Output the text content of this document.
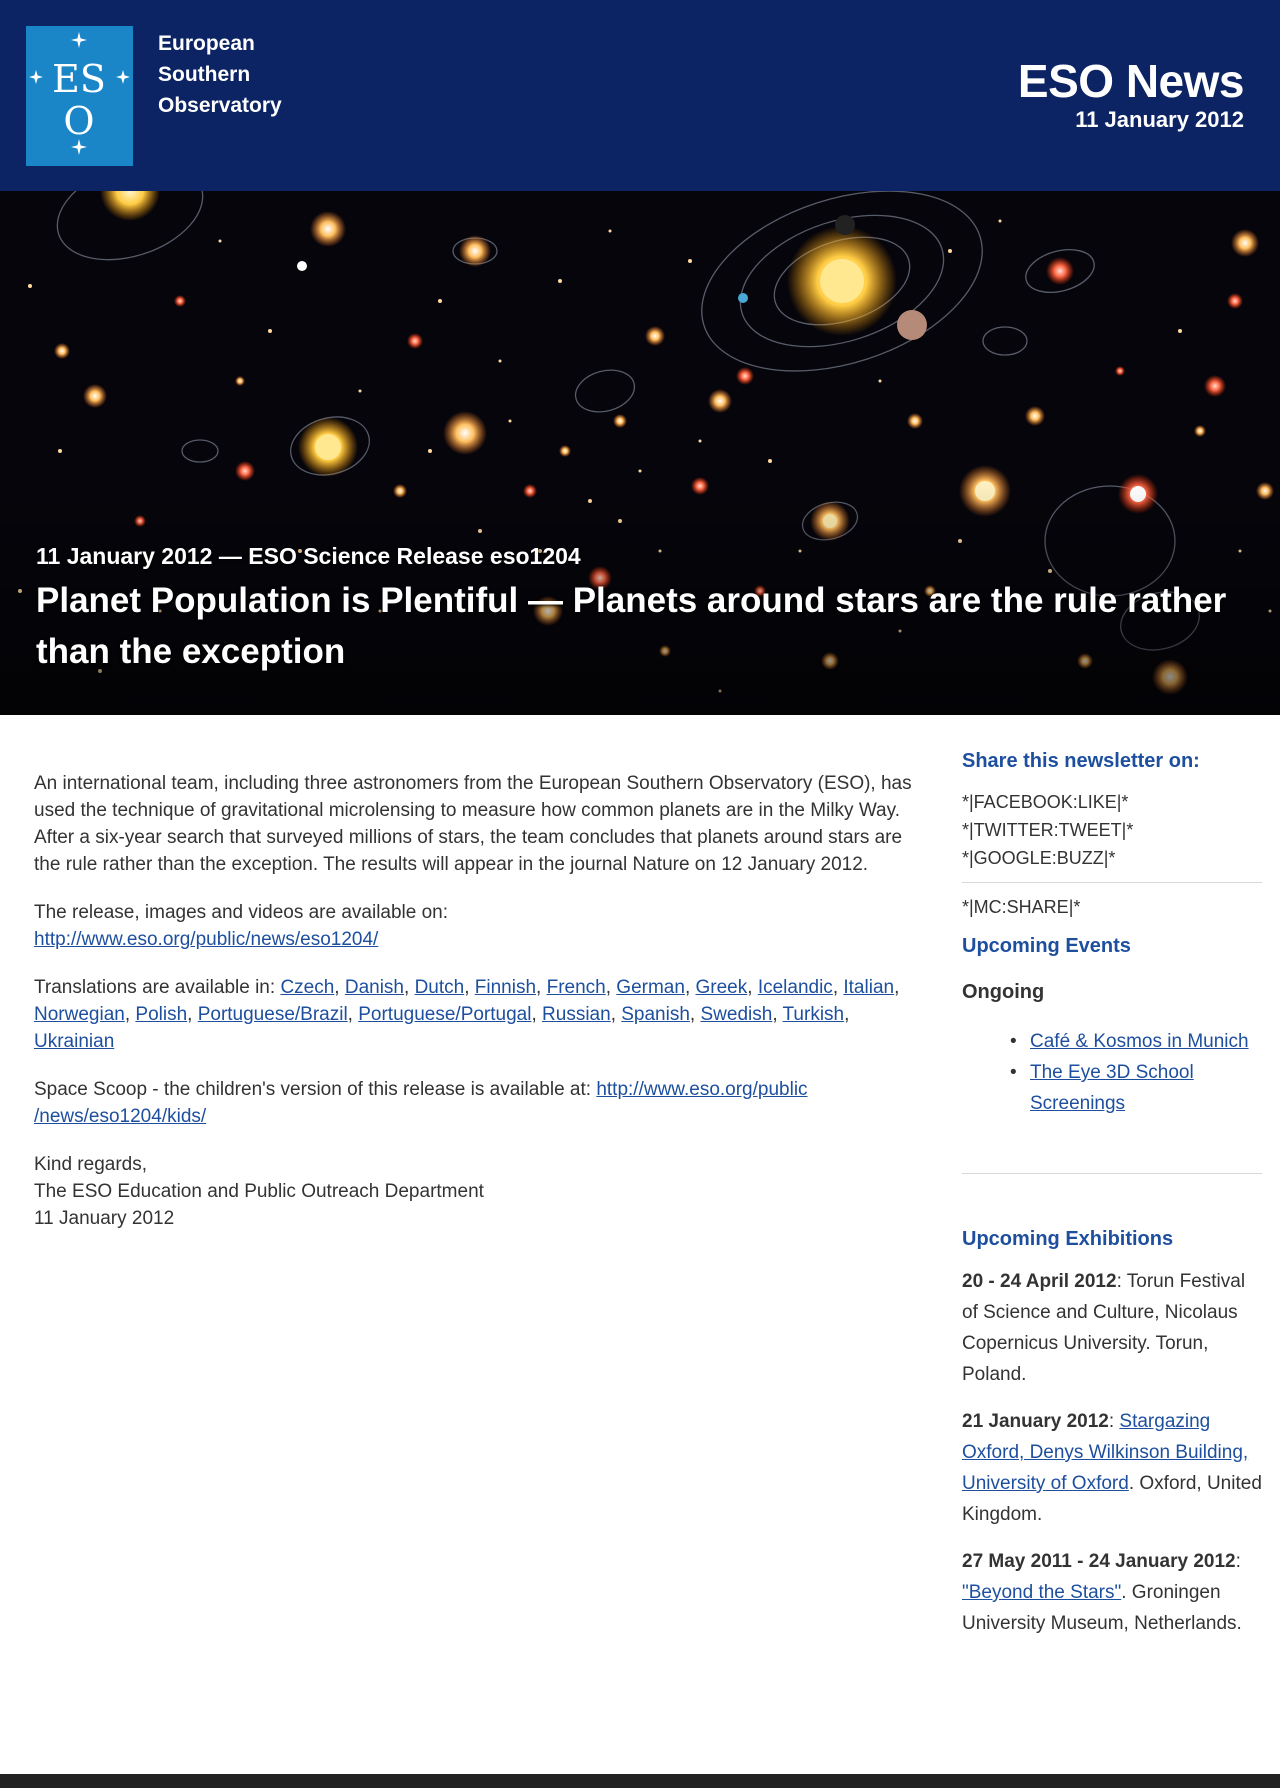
ES
O
European
Southern
Observatory	ESO News
11 January 2012
11 January 2012 — ESO Science Release eso1204
Planet Population is Plentiful — Planets around stars are the rule rather than the exception

An international team, including three astronomers from the European Southern Observatory (ESO), has used the technique of gravitational microlensing to measure how common planets are in the Milky Way. After a six-year search that surveyed millions of stars, the team concludes that planets around stars are the rule rather than the exception. The results will appear in the journal Nature on 12 January 2012.

The release, images and videos are available on:
http://www.eso.org/public/news/eso1204/

Translations are available in: Czech, Danish, Dutch, Finnish, French, German, Greek, Icelandic, Italian, Norwegian, Polish, Portuguese/Brazil, Portuguese/Portugal, Russian, Spanish, Swedish, Turkish, Ukrainian

Space Scoop - the children's version of this release is available at: http://www.eso.org/public
/news/eso1204/kids/

Kind regards,
The ESO Education and Public Outreach Department
11 January 2012

Share this newsletter on:
*|FACEBOOK:LIKE|*
*|TWITTER:TWEET|*
*|GOOGLE:BUZZ|*
*|MC:SHARE|*
Upcoming Events
Ongoing
• Café & Kosmos in Munich
• The Eye 3D School Screenings
Upcoming Exhibitions

20 - 24 April 2012: Torun Festival of Science and Culture, Nicolaus Copernicus University. Torun, Poland.

21 January 2012: Stargazing Oxford, Denys Wilkinson Building, University of Oxford. Oxford, United Kingdom.

27 May 2011 - 24 January 2012: "Beyond the Stars". Groningen University Museum, Netherlands.
